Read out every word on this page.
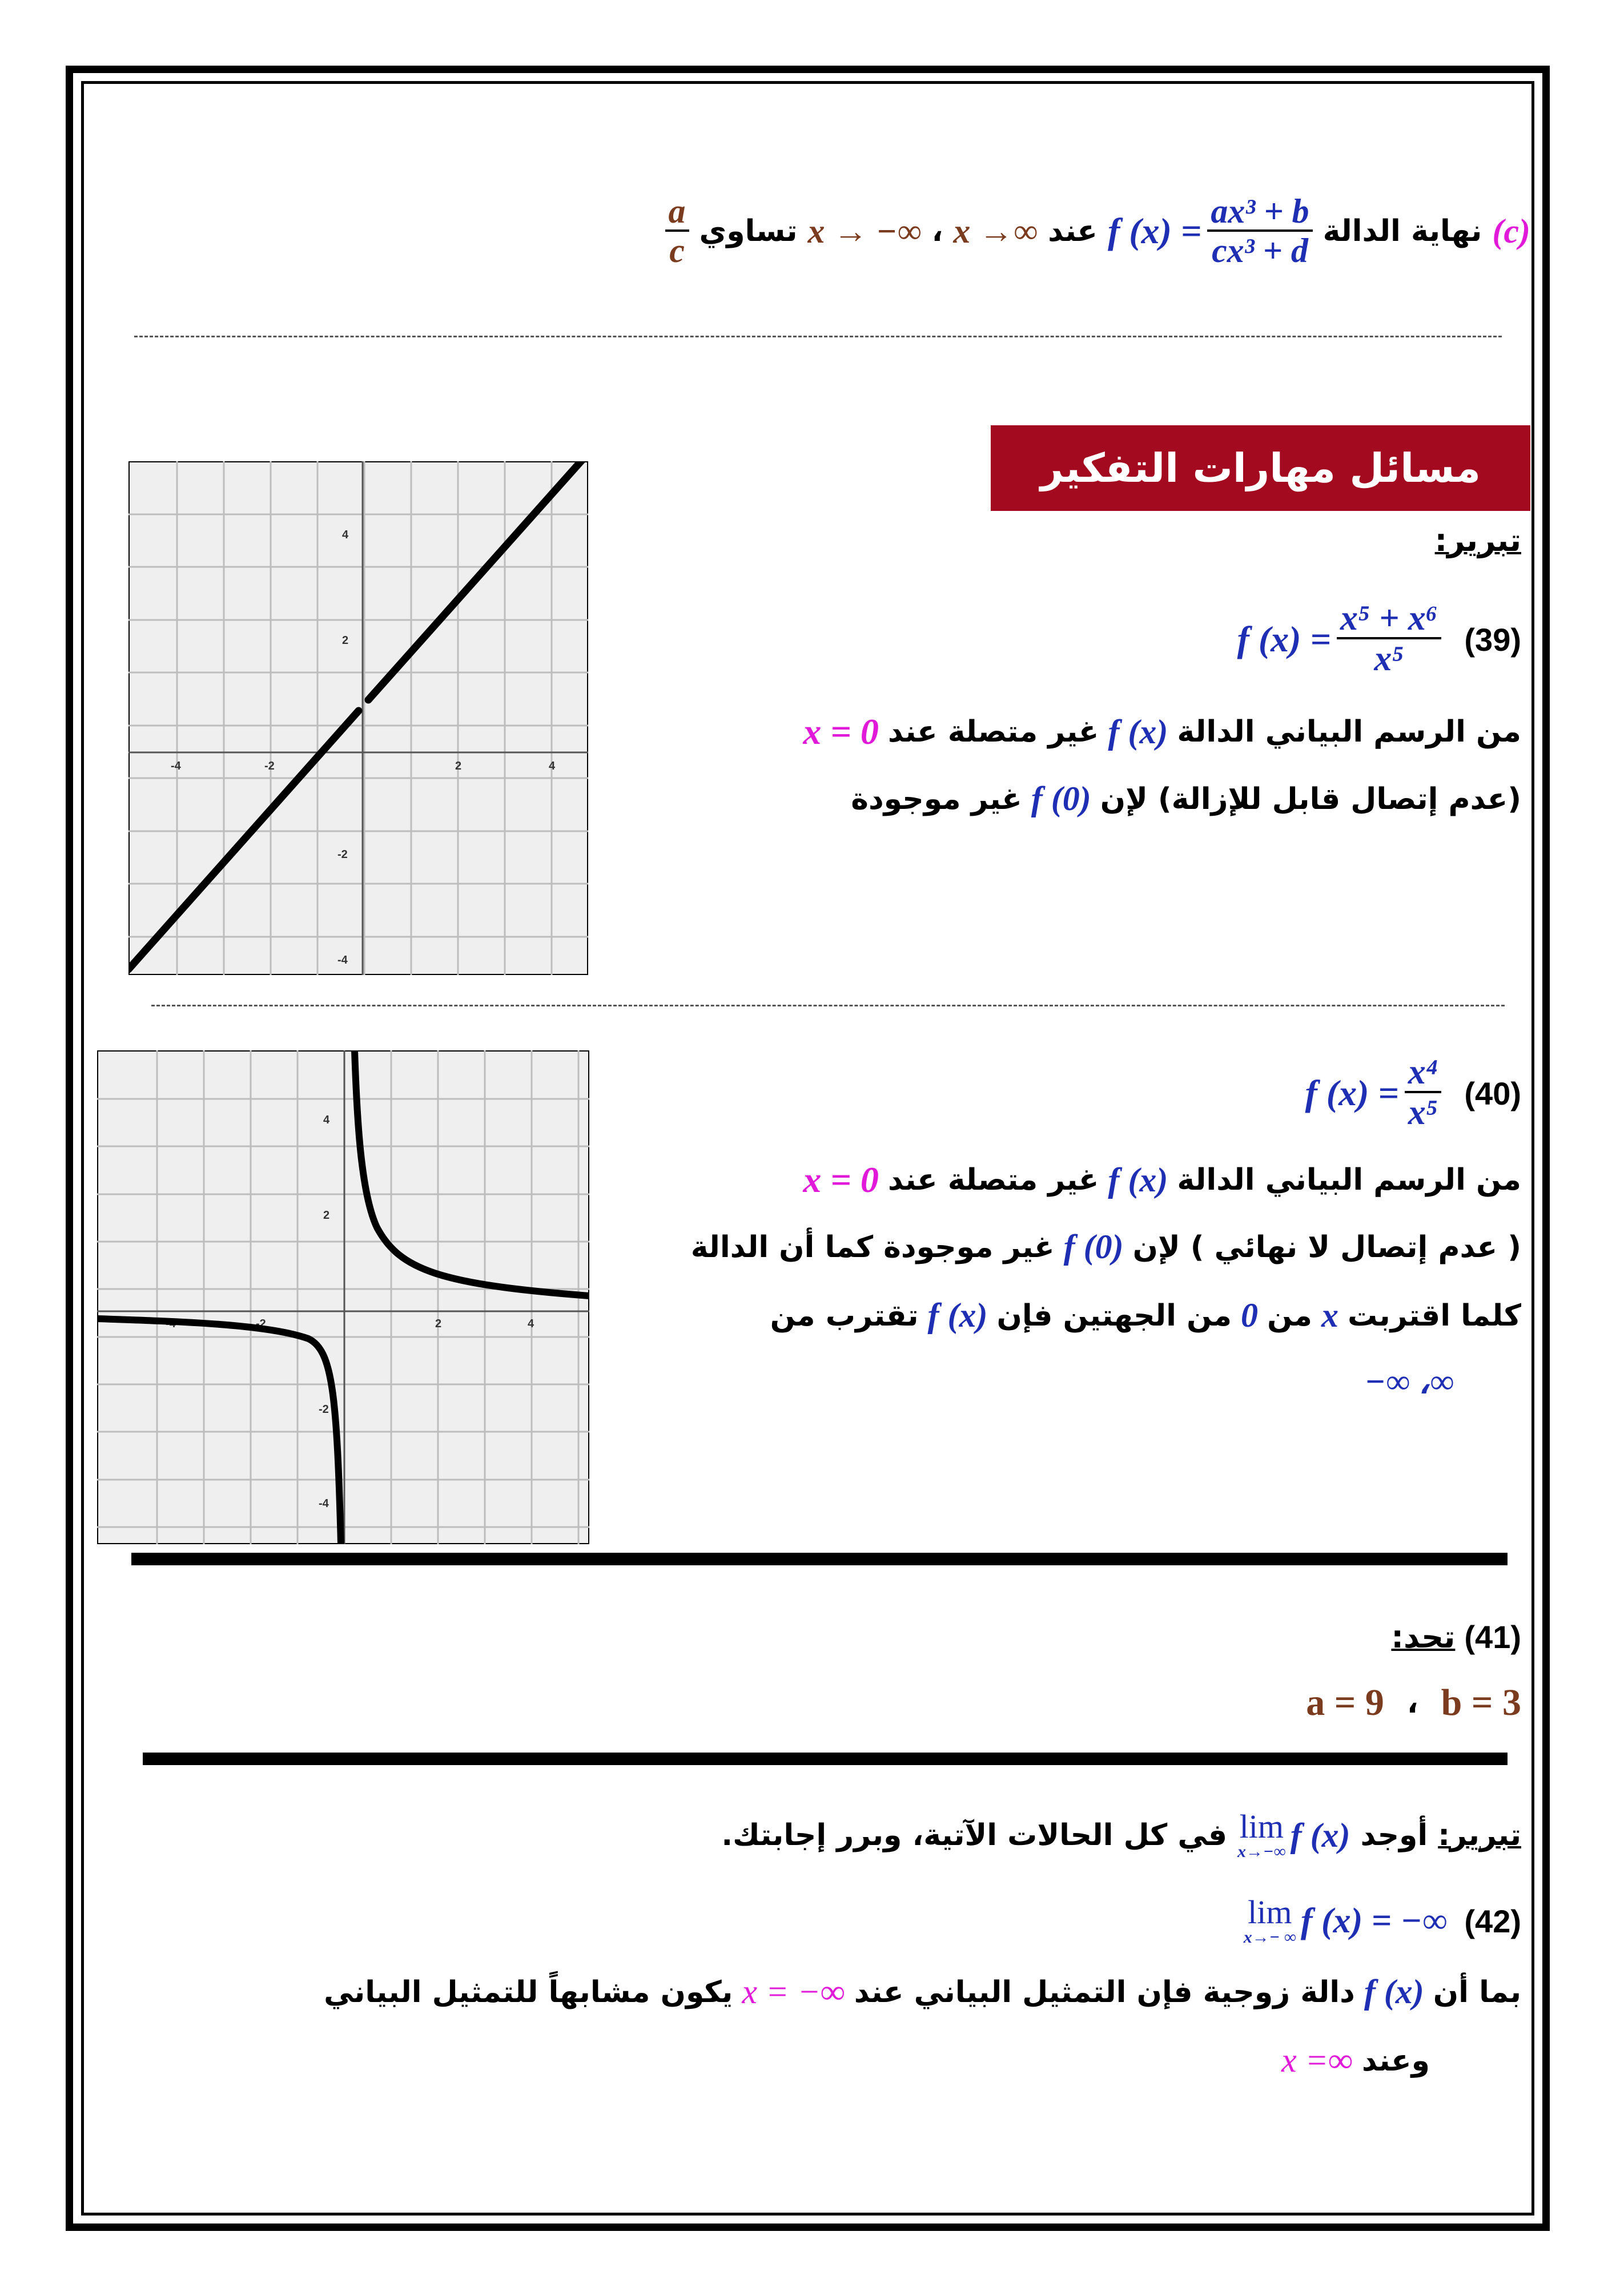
(c)
نهاية الدالة
f $(x) = \frac{\text{ax³ + b}}{\text{cx³ + d}}$
عند
x →∞
،
x → −∞
تساوي
$\frac{a}{c}$
مسائل مهارات التفكير العليا	تبرير:
f $(x) = \frac{\text{x⁵ + x⁶}}{\text{x⁵}} (39)$
من الرسم البياني الدالة
f (x)
غير متصلة عند
x = 0
(عدم إتصال قابل للإزالة) لإن
f (0)
غير موجودة
-4	-2	2	4
4
2
-2
-4
f $(x) = \frac{\text{x⁴}}{\text{x⁵}} (40)$
من الرسم البياني الدالة
f (x)
غير متصلة عند
x = 0
( عدم إتصال لا نهائي ) لإن
f (0)
غير موجودة كما أن الدالة
كلما اقتربت
x
من
0
من الجهتين فإن
f (x)
تقترب من
−∞ ،∞
-4	-2	2	4
4
2
-2
-4
(41)
تحد:
a = 9 ، b = 3
تبرير:
أوجد
lim
x→−∞ f (x)
في كل الحالات الآتية، وبرر إجابتك.
lim
x→− ∞ f (x) = −∞ (42)
بما أن
f (x)
دالة زوجية فإن التمثيل البياني عند
x = −∞
يكون مشابهاً للتمثيل البياني
وعند
x =∞
